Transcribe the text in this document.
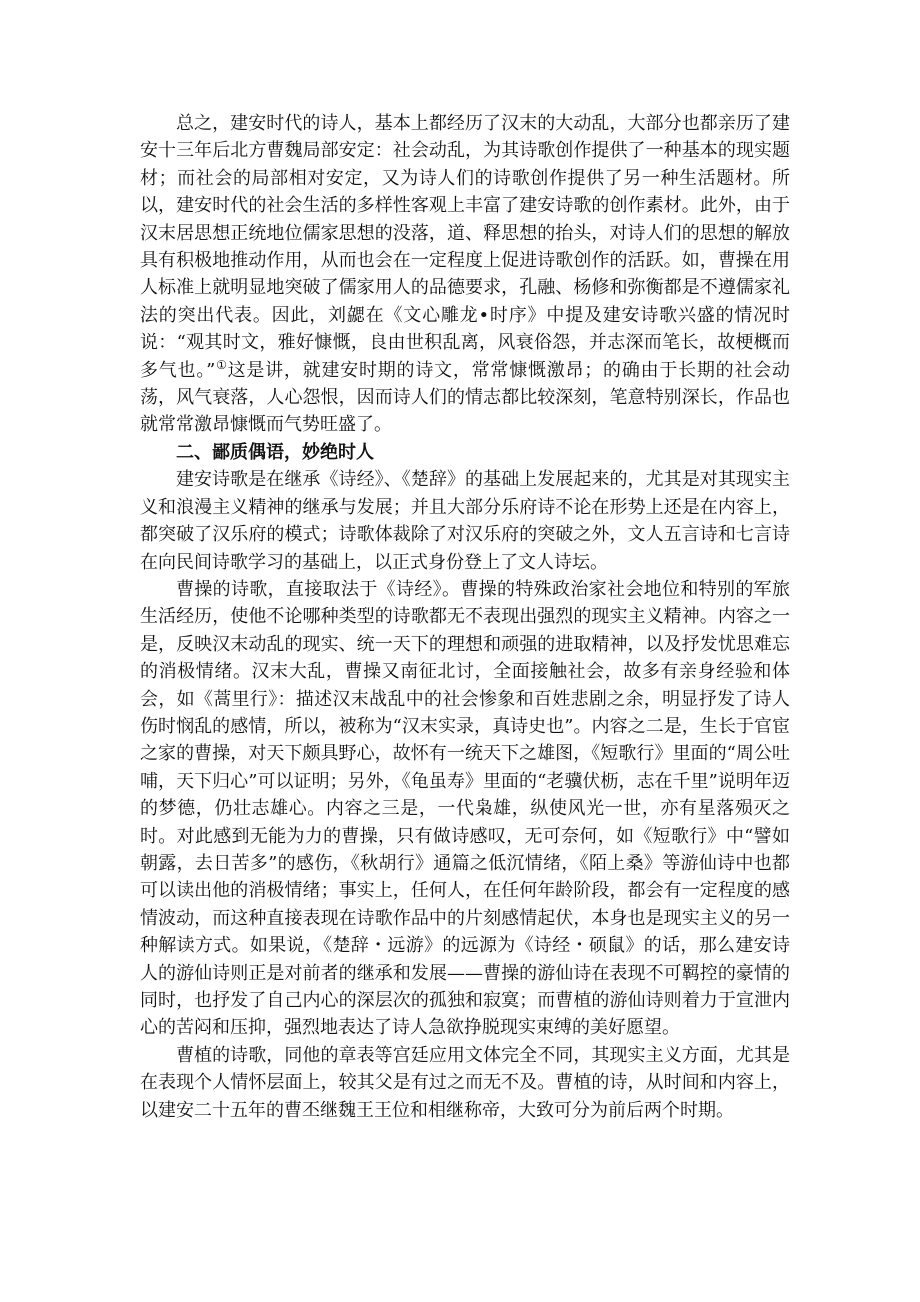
总之，建安时代的诗人，基本上都经历了汉末的大动乱，大部分也都亲历了建安十三年后北方曹魏局部安定：社会动乱，为其诗歌创作提供了一种基本的现实题材；而社会的局部相对安定，又为诗人们的诗歌创作提供了另一种生活题材。所以，建安时代的社会生活的多样性客观上丰富了建安诗歌的创作素材。此外，由于汉末居思想正统地位儒家思想的没落，道、释思想的抬头，对诗人们的思想的解放具有积极地推动作用，从而也会在一定程度上促进诗歌创作的活跃。如，曹操在用人标准上就明显地突破了儒家用人的品德要求，孔融、杨修和弥衡都是不遵儒家礼法的突出代表。因此，刘勰在《文心雕龙•时序》中提及建安诗歌兴盛的情况时说：“观其时文，雅好慷慨，良由世积乱离，风衰俗怨，并志深而笔长，故梗概而多气也。”①这是讲，就建安时期的诗文，常常慷慨激昂；的确由于长期的社会动荡，风气衰落，人心怨恨，因而诗人们的情志都比较深刻，笔意特别深长，作品也就常常激昂慷慨而气势旺盛了。

二、鄙质偶语，妙绝时人

建安诗歌是在继承《诗经》、《楚辞》的基础上发展起来的，尤其是对其现实主义和浪漫主义精神的继承与发展；并且大部分乐府诗不论在形势上还是在内容上，都突破了汉乐府的模式；诗歌体裁除了对汉乐府的突破之外，文人五言诗和七言诗在向民间诗歌学习的基础上，以正式身份登上了文人诗坛。

曹操的诗歌，直接取法于《诗经》。曹操的特殊政治家社会地位和特别的军旅生活经历，使他不论哪种类型的诗歌都无不表现出强烈的现实主义精神。内容之一是，反映汉末动乱的现实、统一天下的理想和顽强的进取精神，以及抒发忧思难忘的消极情绪。汉末大乱，曹操又南征北讨，全面接触社会，故多有亲身经验和体会，如《蒿里行》：描述汉末战乱中的社会惨象和百姓悲剧之余，明显抒发了诗人伤时悯乱的感情，所以，被称为“汉末实录，真诗史也”。内容之二是，生长于官宦之家的曹操，对天下颇具野心，故怀有一统天下之雄图，《短歌行》里面的“周公吐哺，天下归心”可以证明；另外，《龟虽寿》里面的“老骥伏枥，志在千里”说明年迈的梦德，仍壮志雄心。内容之三是，一代枭雄，纵使风光一世，亦有星落殒灭之时。对此感到无能为力的曹操，只有做诗感叹，无可奈何，如《短歌行》中“譬如朝露，去日苦多”的感伤，《秋胡行》通篇之低沉情绪，《陌上桑》等游仙诗中也都可以读出他的消极情绪；事实上，任何人，在任何年龄阶段，都会有一定程度的感情波动，而这种直接表现在诗歌作品中的片刻感情起伏，本身也是现实主义的另一种解读方式。如果说，《楚辞・远游》的远源为《诗经・硕鼠》的话，那么建安诗人的游仙诗则正是对前者的继承和发展——曹操的游仙诗在表现不可羁控的豪情的同时，也抒发了自己内心的深层次的孤独和寂寞；而曹植的游仙诗则着力于宣泄内心的苦闷和压抑，强烈地表达了诗人急欲挣脱现实束缚的美好愿望。

曹植的诗歌，同他的章表等宫廷应用文体完全不同，其现实主义方面，尤其是在表现个人情怀层面上，较其父是有过之而无不及。曹植的诗，从时间和内容上，以建安二十五年的曹丕继魏王王位和相继称帝，大致可分为前后两个时期。
